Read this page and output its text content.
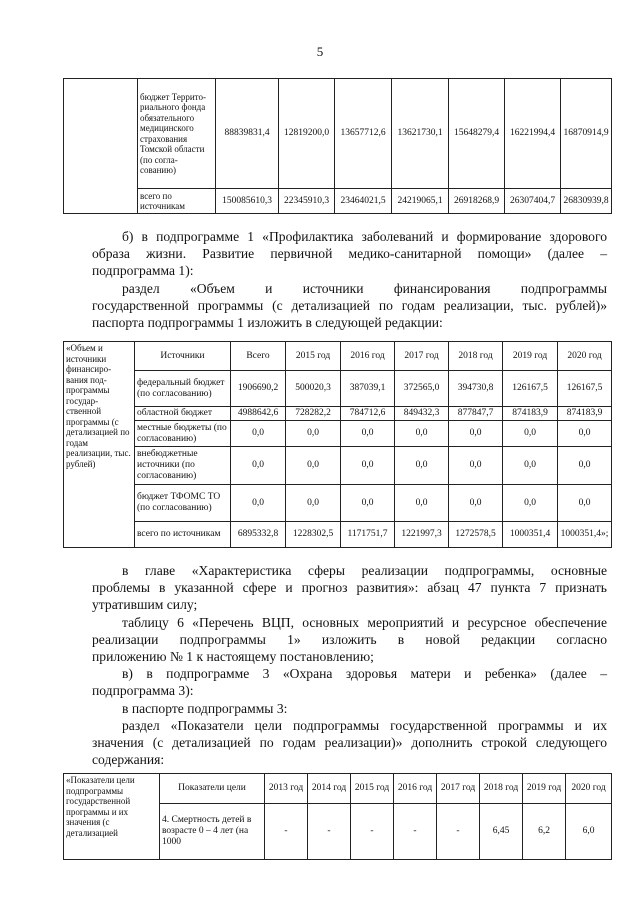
5
	бюджет Террито-риального фонда обязательного медицинского страхования Томской области (по согла-сованию)	88839831,4	12819200,0	13657712,6	13621730,1	15648279,4	16221994,4	16870914,9
	всего по источникам	150085610,3	22345910,3	23464021,5	24219065,1	26918268,9	26307404,7	26830939,8
б) в подпрограмме 1 «Профилактика заболеваний и формирование здорового
образа жизни. Развитие первичной медико-санитарной помощи» (далее –
подпрограмма 1):
раздел «Объем и источники финансирования подпрограммы
государственной программы (с детализацией по годам реализации, тыс. рублей)»
паспорта подпрограммы 1 изложить в следующей редакции:
«Объем и источники финансиро-вания под-программы государ-ственной программы (с детализацией по годам реализации, тыс. рублей)	Источники	Всего	2015 год	2016 год	2017 год	2018 год	2019 год	2020 год
	федеральный бюджет (по согласованию)	1906690,2	500020,3	387039,1	372565,0	394730,8	126167,5	126167,5
	областной бюджет	4988642,6	728282,2	784712,6	849432,3	877847,7	874183,9	874183,9
	местные бюджеты (по согласованию)	0,0	0,0	0,0	0,0	0,0	0,0	0,0
	внебюджетные источники (по согласованию)	0,0	0,0	0,0	0,0	0,0	0,0	0,0
	бюджет ТФОМС ТО (по согласованию)	0,0	0,0	0,0	0,0	0,0	0,0	0,0
	всего по источникам	6895332,8	1228302,5	1171751,7	1221997,3	1272578,5	1000351,4	1000351,4»;
в главе «Характеристика сферы реализации подпрограммы, основные
проблемы в указанной сфере и прогноз развития»: абзац 47 пункта 7 признать
утратившим силу;
таблицу 6 «Перечень ВЦП, основных мероприятий и ресурсное обеспечение
реализации подпрограммы 1» изложить в новой редакции согласно
приложению № 1 к настоящему постановлению;
в) в подпрограмме 3 «Охрана здоровья матери и ребенка» (далее –
подпрограмма 3):
в паспорте подпрограммы 3:
раздел «Показатели цели подпрограммы государственной программы и их
значения (с детализацией по годам реализации)» дополнить строкой следующего
содержания:
«Показатели цели подпрограммы государственной программы и их значения (с детализацией	Показатели цели	2013 год	2014 год	2015 год	2016 год	2017 год	2018 год	2019 год	2020 год
	4. Смертность детей в возрасте 0 – 4 лет (на 1000	-	-	-	-	-	6,45	6,2	6,0
